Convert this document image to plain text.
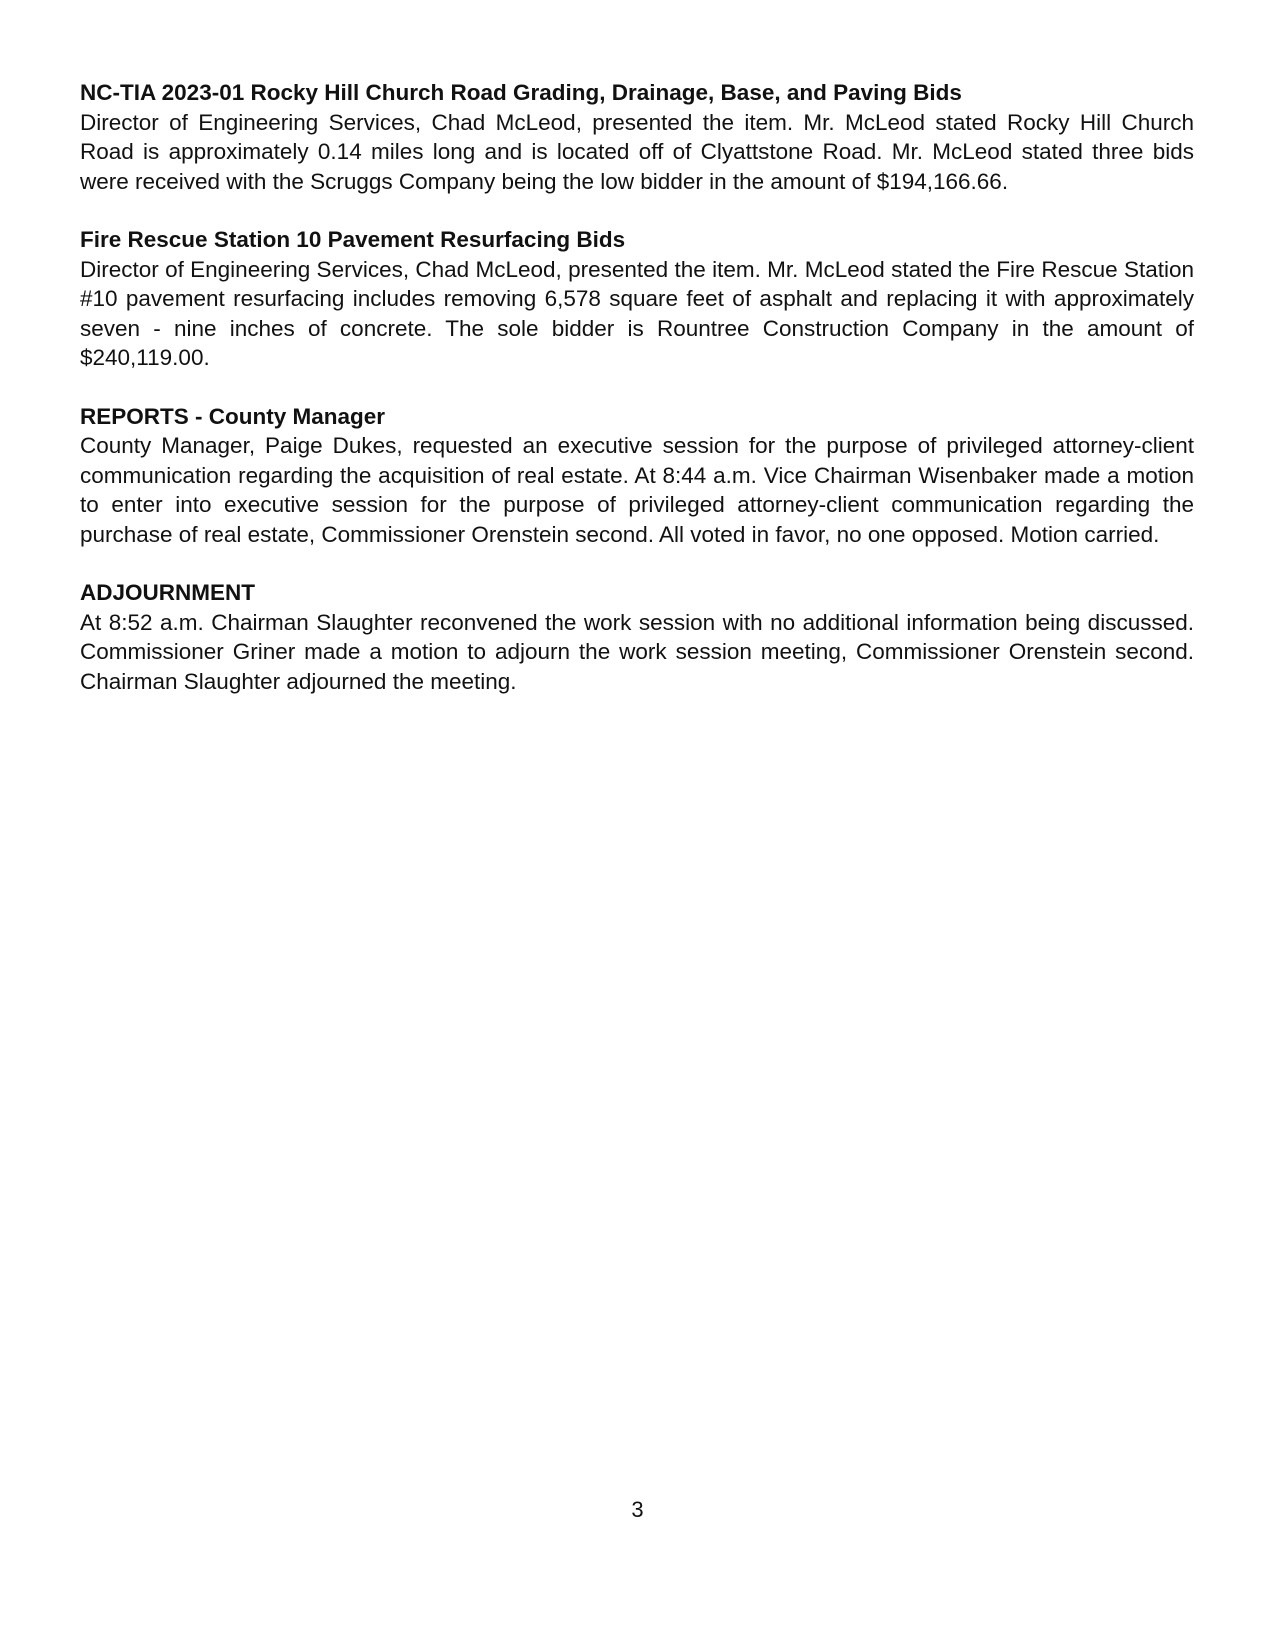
NC-TIA 2023-01 Rocky Hill Church Road Grading, Drainage, Base, and Paving Bids

Director of Engineering Services, Chad McLeod, presented the item. Mr. McLeod stated Rocky Hill Church Road is approximately 0.14 miles long and is located off of Clyattstone Road. Mr. McLeod stated three bids were received with the Scruggs Company being the low bidder in the amount of $194,166.66.

Fire Rescue Station 10 Pavement Resurfacing Bids

Director of Engineering Services, Chad McLeod, presented the item. Mr. McLeod stated the Fire Rescue Station #10 pavement resurfacing includes removing 6,578 square feet of asphalt and replacing it with approximately seven - nine inches of concrete. The sole bidder is Rountree Construction Company in the amount of $240,119.00.

REPORTS - County Manager

County Manager, Paige Dukes, requested an executive session for the purpose of privileged attorney-client communication regarding the acquisition of real estate. At 8:44 a.m. Vice Chairman Wisenbaker made a motion to enter into executive session for the purpose of privileged attorney-client communication regarding the purchase of real estate, Commissioner Orenstein second. All voted in favor, no one opposed. Motion carried.

ADJOURNMENT

At 8:52 a.m. Chairman Slaughter reconvened the work session with no additional information being discussed. Commissioner Griner made a motion to adjourn the work session meeting, Commissioner Orenstein second. Chairman Slaughter adjourned the meeting.

3
